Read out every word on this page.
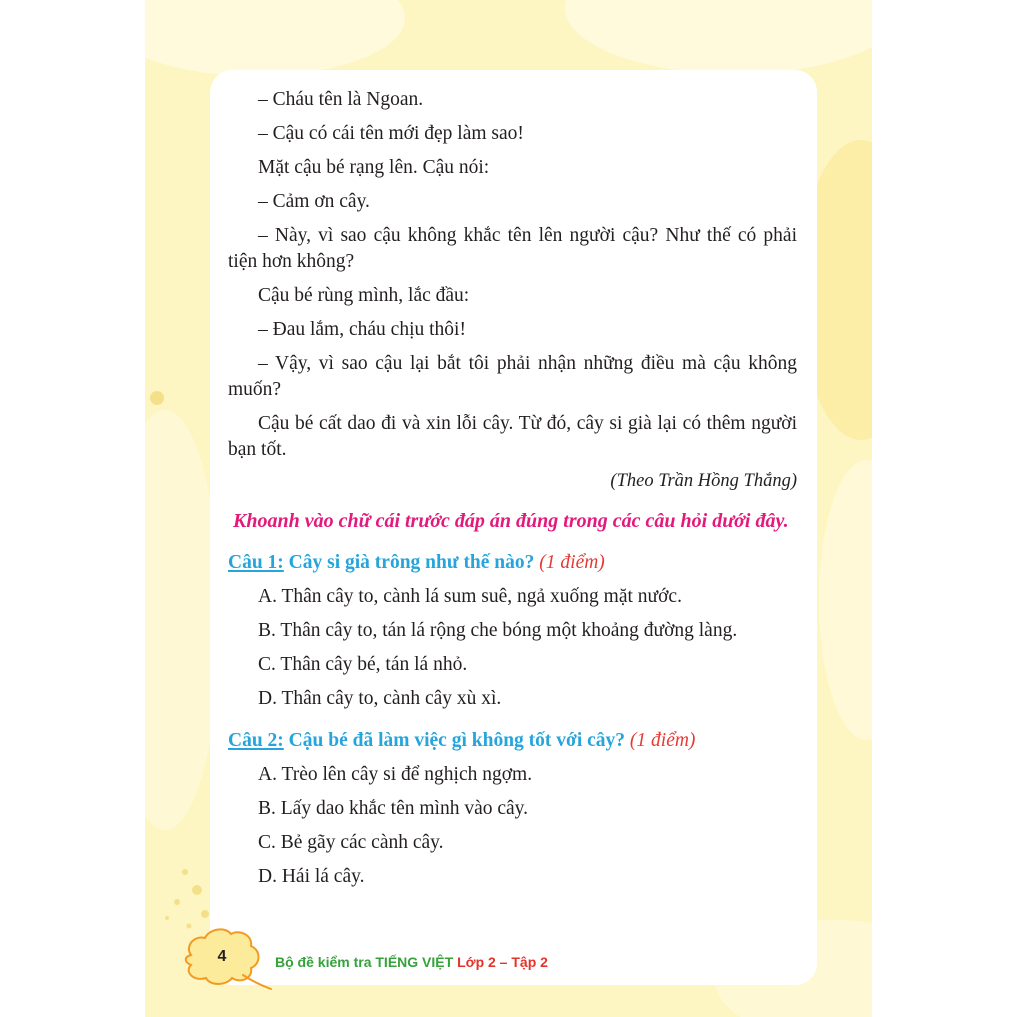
– Cháu tên là Ngoan.
– Cậu có cái tên mới đẹp làm sao!
Mặt cậu bé rạng lên. Cậu nói:
– Cảm ơn cây.
– Này, vì sao cậu không khắc tên lên người cậu? Như thế có phải
tiện hơn không?
Cậu bé rùng mình, lắc đầu:
– Đau lắm, cháu chịu thôi!
– Vậy, vì sao cậu lại bắt tôi phải nhận những điều mà cậu không
muốn?
Cậu bé cất dao đi và xin lỗi cây. Từ đó, cây si già lại có thêm người
bạn tốt.
(Theo Trần Hồng Thắng)
Khoanh vào chữ cái trước đáp án đúng trong các câu hỏi dưới đây.
Câu 1: Cây si già trông như thế nào? (1 điểm)
A. Thân cây to, cành lá sum suê, ngả xuống mặt nước.
B. Thân cây to, tán lá rộng che bóng một khoảng đường làng.
C. Thân cây bé, tán lá nhỏ.
D. Thân cây to, cành cây xù xì.
Câu 2: Cậu bé đã làm việc gì không tốt với cây? (1 điểm)
A. Trèo lên cây si để nghịch ngợm.
B. Lấy dao khắc tên mình vào cây.
C. Bẻ gãy các cành cây.
D. Hái lá cây.
4	Bộ đề kiểm tra TIẾNG VIỆT Lớp 2 – Tập 2
